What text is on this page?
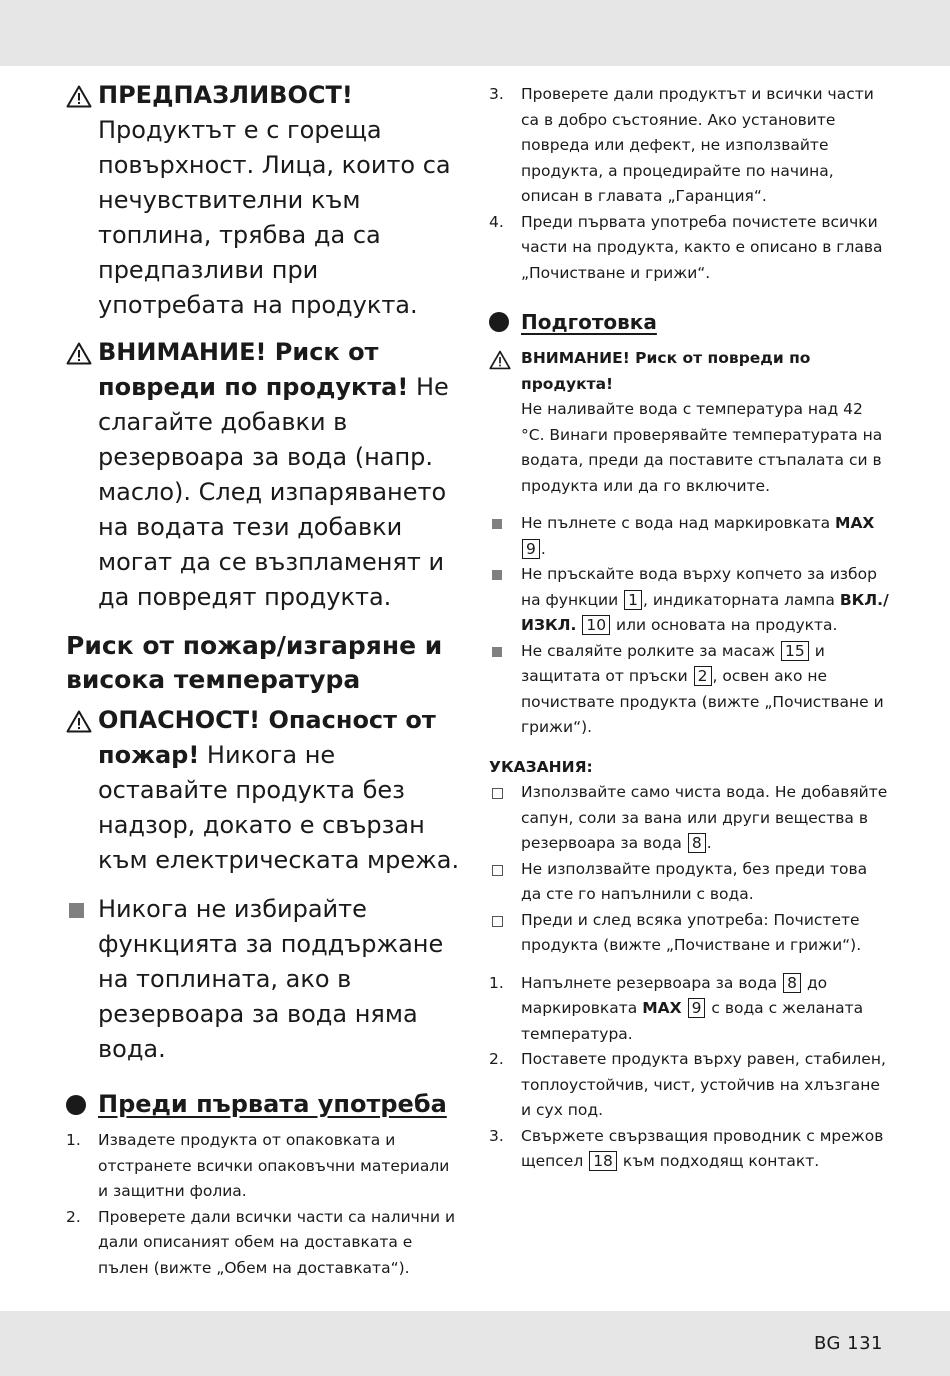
ПРЕДПАЗЛИВОСТ!
Продуктът е с гореща повърхност. Лица, които са нечувствителни към топлина, трябва да са предпазливи при употребата на продукта.
ВНИМАНИЕ! Риск от повреди по продукта! Не слагайте добавки в резервоара за вода (напр. масло). След изпаряването на водата тези добавки могат да се възпламенят и да повредят продукта.
Риск от пожар/изгаряне и висока температура
ОПАСНОСТ! Опасност от пожар! Никога не оставайте продукта без надзор, докато е свързан към електрическата мрежа.
Никога не избирайте функцията за поддържане на топлината, ако в резервоара за вода няма вода.
Преди първата употреба
1. Извадете продукта от опаковката и отстранете всички опаковъчни материали и защитни фолиа.
2. Проверете дали всички части са налични и дали описаният обем на доставката е пълен (вижте „Обем на доставката“).
3. Проверете дали продуктът и всички части са в добро състояние. Ако установите повреда или дефект, не използвайте продукта, а процедирайте по начина, описан в главата „Гаранция“.
4. Преди първата употреба почистете всички части на продукта, както е описано в глава „Почистване и грижи“.
Подготовка
ВНИМАНИЕ! Риск от повреди по продукта!
Не наливайте вода с температура над 42 °C. Винаги проверявайте температурата на водата, преди да поставите стъпалата си в продукта или да го включите.
Не пълнете с вода над маркировката MAX 9 .
Не пръскайте вода върху копчето за избор на функции 1 , индикаторната лампа ВКЛ./ИЗКЛ. 10 или основата на продукта.
Не сваляйте ролките за масаж 15 и защитата от пръски 2 , освен ако не почиствате продукта (вижте „Почистване и грижи“).
УКАЗАНИЯ:
Използвайте само чиста вода. Не добавяйте сапун, соли за вана или други вещества в резервоара за вода 8 .
Не използвайте продукта, без преди това да сте го напълнили с вода.
Преди и след всяка употреба: Почистете продукта (вижте „Почистване и грижи“).
1. Напълнете резервоара за вода 8 до маркировката MAX 9 с вода с желаната температура.
2. Поставете продукта върху равен, стабилен, топлоустойчив, чист, устойчив на хлъзгане и сух под.
3. Свържете свързващия проводник с мрежов щепсел 18 към подходящ контакт.
BG 131
